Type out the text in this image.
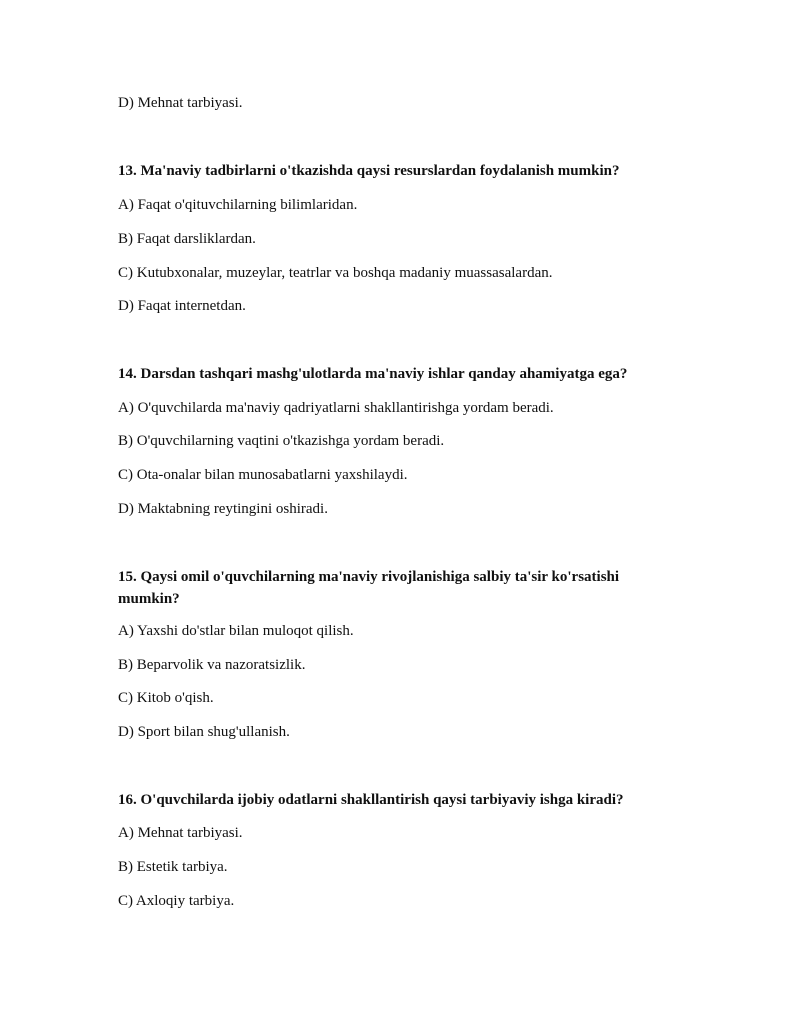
D) Mehnat tarbiyasi.
13. Ma'naviy tadbirlarni o'tkazishda qaysi resurslardan foydalanish mumkin?
A) Faqat o'qituvchilarning bilimlaridan.
B) Faqat darsliklardan.
C) Kutubxonalar, muzeylar, teatrlar va boshqa madaniy muassasalardan.
D) Faqat internetdan.
14. Darsdan tashqari mashg'ulotlarda ma'naviy ishlar qanday ahamiyatga ega?
A) O'quvchilarda ma'naviy qadriyatlarni shakllantirishga yordam beradi.
B) O'quvchilarning vaqtini o'tkazishga yordam beradi.
C) Ota-onalar bilan munosabatlarni yaxshilaydi.
D) Maktabning reytingini oshiradi.
15. Qaysi omil o'quvchilarning ma'naviy rivojlanishiga salbiy ta'sir ko'rsatishi mumkin?
A) Yaxshi do'stlar bilan muloqot qilish.
B) Beparvolik va nazoratsizlik.
C) Kitob o'qish.
D) Sport bilan shug'ullanish.
16. O'quvchilarda ijobiy odatlarni shakllantirish qaysi tarbiyaviy ishga kiradi?
A) Mehnat tarbiyasi.
B) Estetik tarbiya.
C) Axloqiy tarbiya.
